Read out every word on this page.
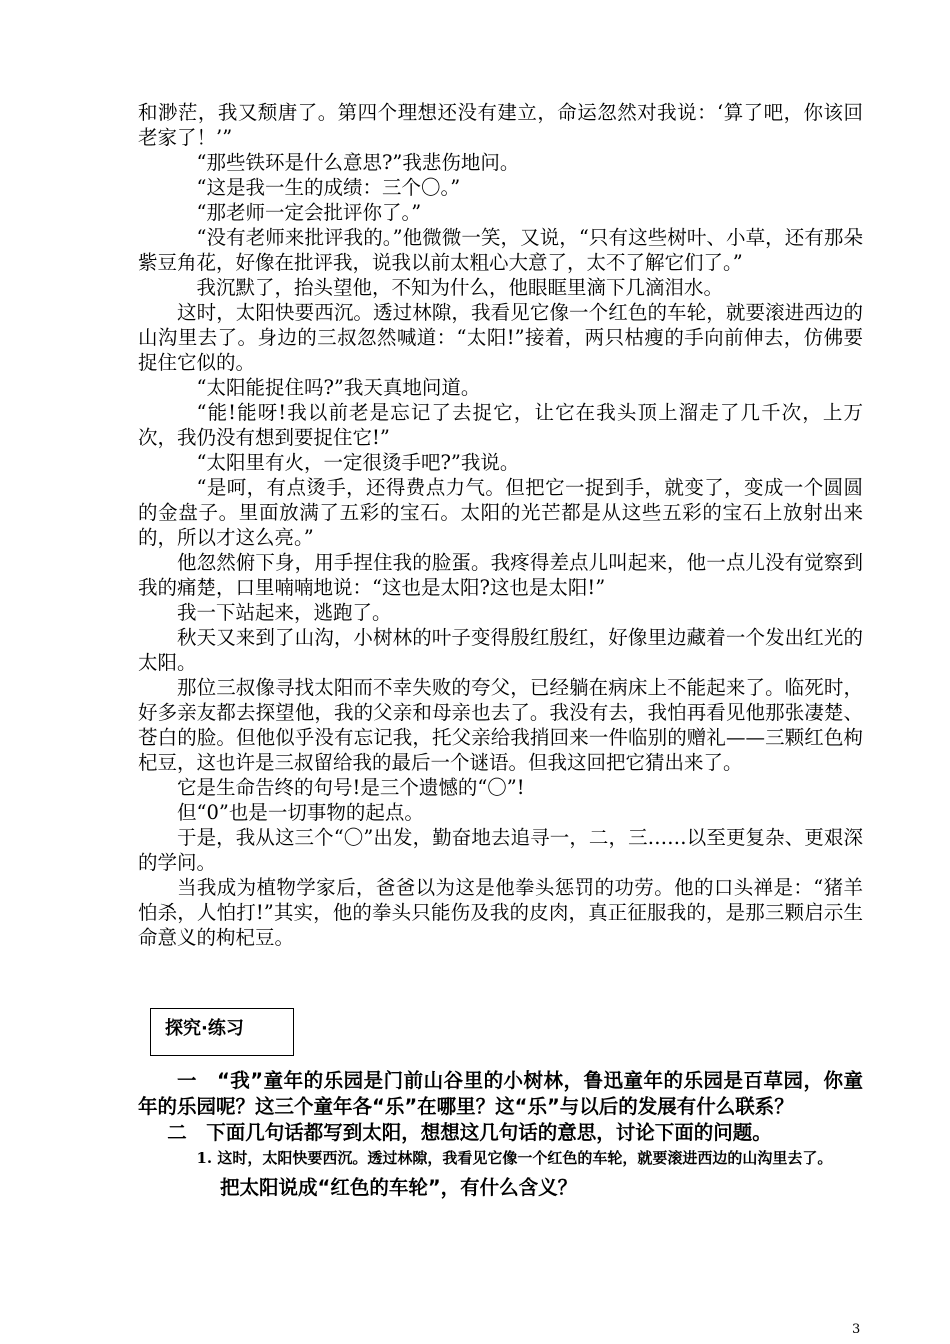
和渺茫，我又颓唐了。第四个理想还没有建立，命运忽然对我说：‘算了吧，你该回老家了！’”

“那些铁环是什么意思?”我悲伤地问。

“这是我一生的成绩：三个〇。”

“那老师一定会批评你了。”

“没有老师来批评我的。”他微微一笑，又说，“只有这些树叶、小草，还有那朵紫豆角花，好像在批评我，说我以前太粗心大意了，太不了解它们了。”

我沉默了，抬头望他，不知为什么，他眼眶里滴下几滴泪水。

这时，太阳快要西沉。透过林隙，我看见它像一个红色的车轮，就要滚进西边的山沟里去了。身边的三叔忽然喊道：“太阳!”接着，两只枯瘦的手向前伸去，仿佛要捉住它似的。

“太阳能捉住吗?”我天真地问道。

“能!能呀!我以前老是忘记了去捉它，让它在我头顶上溜走了几千次，上万次，我仍没有想到要捉住它!”

“太阳里有火，一定很烫手吧?”我说。

“是呵，有点烫手，还得费点力气。但把它一捉到手，就变了，变成一个圆圆的金盘子。里面放满了五彩的宝石。太阳的光芒都是从这些五彩的宝石上放射出来的，所以才这么亮。”

他忽然俯下身，用手捏住我的脸蛋。我疼得差点儿叫起来，他一点儿没有觉察到我的痛楚，口里喃喃地说：“这也是太阳?这也是太阳!”

我一下站起来，逃跑了。

秋天又来到了山沟，小树林的叶子变得殷红殷红，好像里边藏着一个发出红光的太阳。

那位三叔像寻找太阳而不幸失败的夸父，已经躺在病床上不能起来了。临死时，好多亲友都去探望他，我的父亲和母亲也去了。我没有去，我怕再看见他那张凄楚、苍白的脸。但他似乎没有忘记我，托父亲给我捎回来一件临别的赠礼——三颗红色枸杞豆，这也许是三叔留给我的最后一个谜语。但我这回把它猜出来了。

它是生命告终的句号!是三个遗憾的“〇”!

但“0”也是一切事物的起点。

于是，我从这三个“〇”出发，勤奋地去追寻一，二，三……以至更复杂、更艰深的学问。

当我成为植物学家后，爸爸以为这是他拳头惩罚的功劳。他的口头禅是：“猪羊怕杀，人怕打!”其实，他的拳头只能伤及我的皮肉，真正征服我的，是那三颗启示生命意义的枸杞豆。

探究·练习

一　“我”童年的乐园是门前山谷里的小树林，鲁迅童年的乐园是百草园，你童年的乐园呢？这三个童年各“乐”在哪里？这“乐”与以后的发展有什么联系？

二　下面几句话都写到太阳，想想这几句话的意思，讨论下面的问题。

1. 这时，太阳快要西沉。透过林隙，我看见它像一个红色的车轮，就要滚进西边的山沟里去了。

把太阳说成“红色的车轮”，有什么含义？

3
